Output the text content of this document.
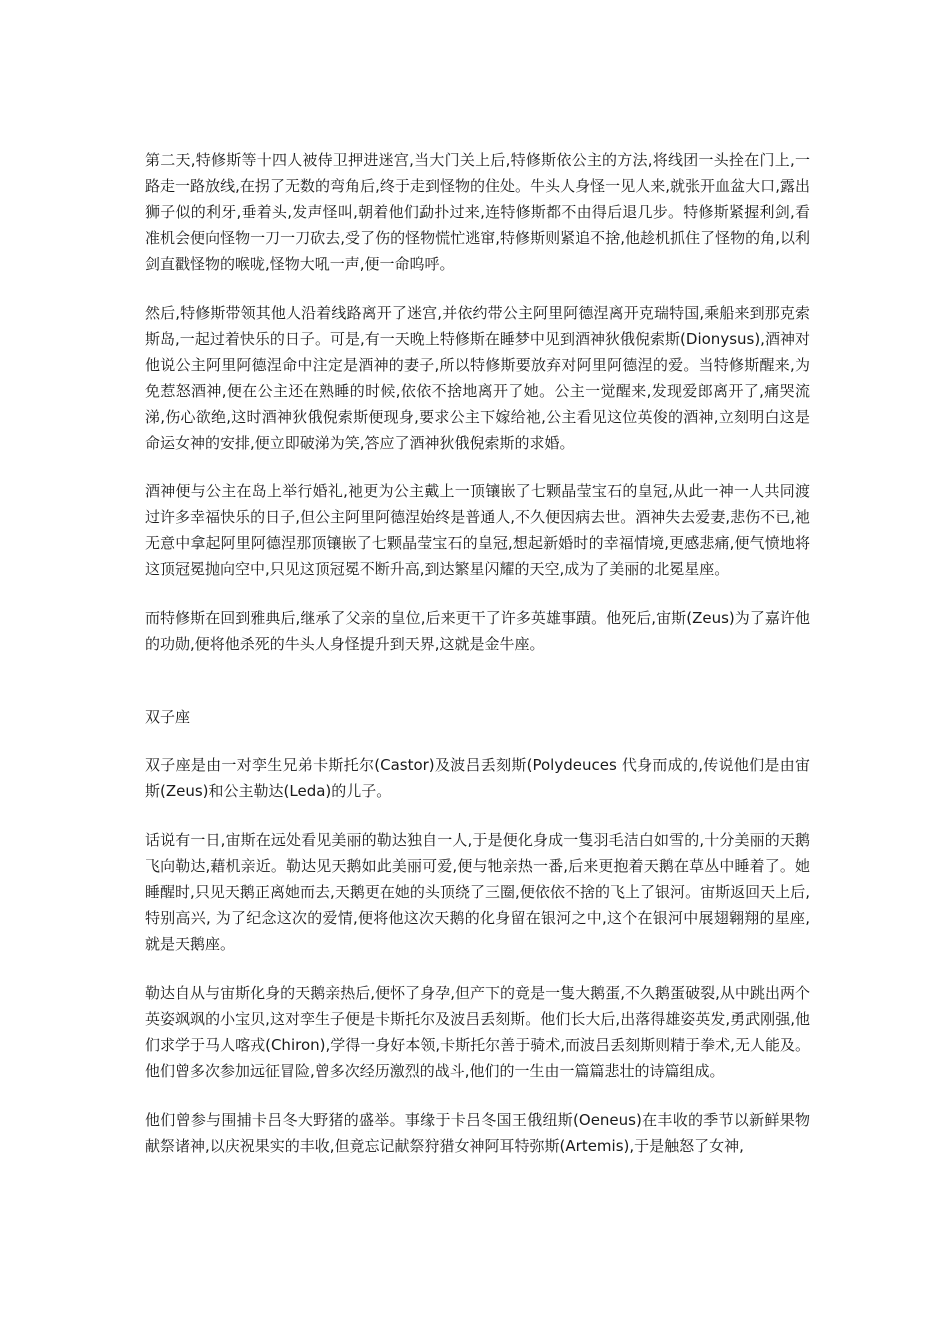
第二天,特修斯等十四人被侍卫押进迷宫,当大门关上后,特修斯依公主的方法,将线团一头拴在门上,一路走一路放线,在拐了无数的弯角后,终于走到怪物的住处。牛头人身怪一见人来,就张开血盆大口,露出狮子似的利牙,垂着头,发声怪叫,朝着他们勐扑过来,连特修斯都不由得后退几步。特修斯紧握利剑,看准机会便向怪物一刀一刀砍去,受了伤的怪物慌忙逃窜,特修斯则紧追不捨,他趁机抓住了怪物的角,以利剑直戳怪物的喉咙,怪物大吼一声,便一命呜呼。

然后,特修斯带领其他人沿着线路离开了迷宫,并依约带公主阿里阿德涅离开克瑞特国,乘船来到那克索斯岛,一起过着快乐的日子。可是,有一天晚上特修斯在睡梦中见到酒神狄俄倪索斯(Dionysus),酒神对他说公主阿里阿德涅命中注定是酒神的妻子,所以特修斯要放弃对阿里阿德涅的爱。当特修斯醒来,为免惹怒酒神,便在公主还在熟睡的时候,依依不捨地离开了她。公主一觉醒来,发现爱郎离开了,痛哭流涕,伤心欲绝,这时酒神狄俄倪索斯便现身,要求公主下嫁给祂,公主看见这位英俊的酒神,立刻明白这是命运女神的安排,便立即破涕为笑,答应了酒神狄俄倪索斯的求婚。

酒神便与公主在岛上举行婚礼,祂更为公主戴上一顶镶嵌了七颗晶莹宝石的皇冠,从此一神一人共同渡过许多幸福快乐的日子,但公主阿里阿德涅始终是普通人,不久便因病去世。酒神失去爱妻,悲伤不已,祂无意中拿起阿里阿德涅那顶镶嵌了七颗晶莹宝石的皇冠,想起新婚时的幸福情境,更感悲痛,便气愤地将这顶冠冕抛向空中,只见这顶冠冕不断升高,到达繁星闪耀的天空,成为了美丽的北冕星座。

而特修斯在回到雅典后,继承了父亲的皇位,后来更干了许多英雄事蹟。他死后,宙斯(Zeus)为了嘉许他的功勋,便将他杀死的牛头人身怪提升到天界,这就是金牛座。

双子座

双子座是由一对孪生兄弟卡斯托尔(Castor)及波吕丢刻斯(Polydeuces 代身而成的,传说他们是由宙斯(Zeus)和公主勒达(Leda)的儿子。

话说有一日,宙斯在远处看见美丽的勒达独自一人,于是便化身成一隻羽毛洁白如雪的,十分美丽的天鹅飞向勒达,藉机亲近。勒达见天鹅如此美丽可爱,便与牠亲热一番,后来更抱着天鹅在草丛中睡着了。她睡醒时,只见天鹅正离她而去,天鹅更在她的头顶绕了三圈,便依依不捨的飞上了银河。宙斯返回天上后,特别高兴, 为了纪念这次的爱情,便将他这次天鹅的化身留在银河之中,这个在银河中展翅翱翔的星座,就是天鹅座。

勒达自从与宙斯化身的天鹅亲热后,便怀了身孕,但产下的竟是一隻大鹅蛋,不久鹅蛋破裂,从中跳出两个英姿飒飒的小宝贝,这对孪生子便是卡斯托尔及波吕丢刻斯。他们长大后,出落得雄姿英发,勇武刚强,他们求学于马人喀戎(Chiron),学得一身好本领,卡斯托尔善于骑术,而波吕丢刻斯则精于拳术,无人能及。他们曾多次参加远征冒险,曾多次经历激烈的战斗,他们的一生由一篇篇悲壮的诗篇组成。

他们曾参与围捕卡吕冬大野猪的盛举。事缘于卡吕冬国王俄纽斯(Oeneus)在丰收的季节以新鲜果物献祭诸神,以庆祝果实的丰收,但竟忘记献祭狩猎女神阿耳特弥斯(Artemis),于是触怒了女神,
